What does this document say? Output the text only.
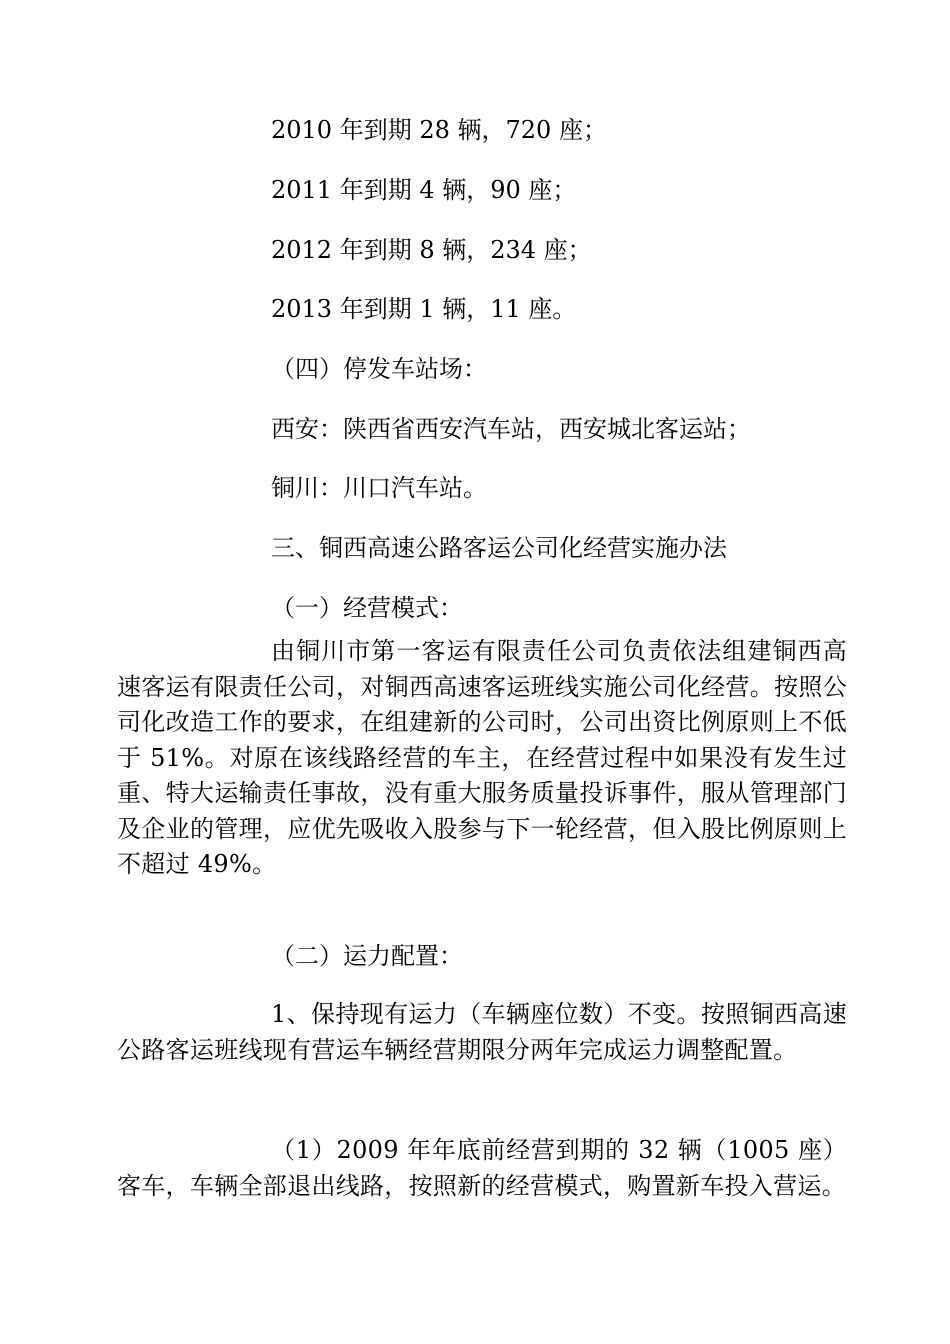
2010 年到期 28 辆，720 座；
2011 年到期 4 辆，90 座；
2012 年到期 8 辆，234 座；
2013 年到期 1 辆，11 座。
（四）停发车站场：
西安：陕西省西安汽车站，西安城北客运站；
铜川：川口汽车站。
三、铜西高速公路客运公司化经营实施办法
（一）经营模式：

由铜川市第一客运有限责任公司负责依法组建铜西高速客运有限责任公司，对铜西高速客运班线实施公司化经营。按照公司化改造工作的要求，在组建新的公司时，公司出资比例原则上不低于 51%。对原在该线路经营的车主，在经营过程中如果没有发生过重、特大运输责任事故，没有重大服务质量投诉事件，服从管理部门及企业的管理，应优先吸收入股参与下一轮经营，但入股比例原则上不超过 49%。

（二）运力配置：

1、保持现有运力（车辆座位数）不变。按照铜西高速公路客运班线现有营运车辆经营期限分两年完成运力调整配置。

（1）2009 年年底前经营到期的 32 辆（1005 座）客车，车辆全部退出线路，按照新的经营模式，购置新车投入营运。
